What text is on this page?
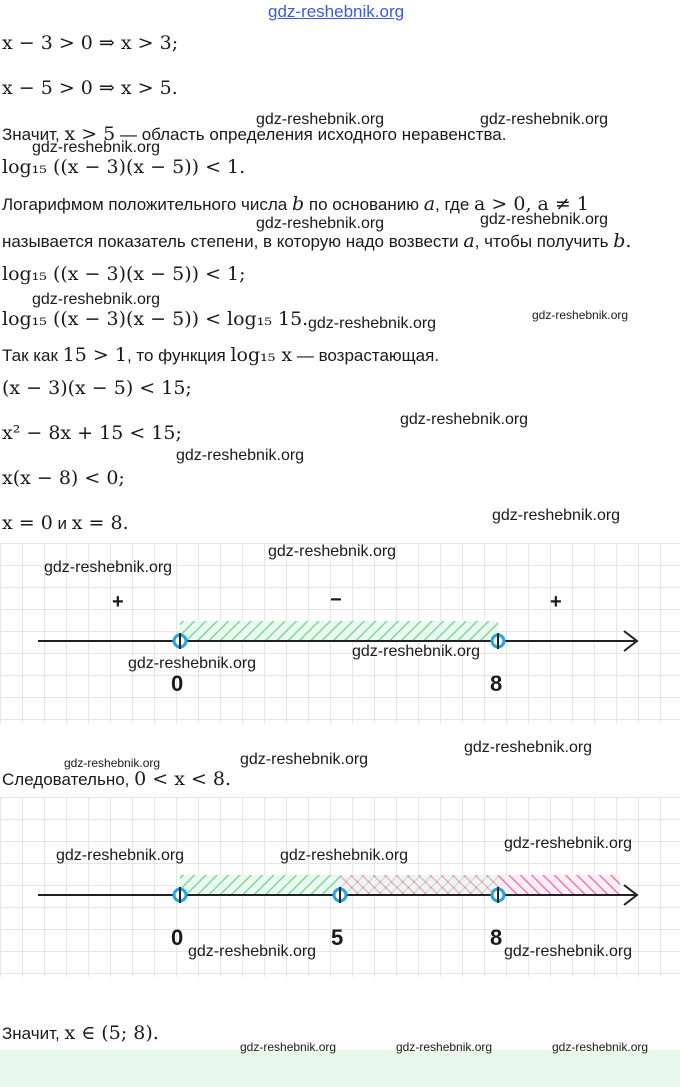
gdz-reshebnik.org
x − 3 > 0 ⇒ x > 3;
x − 5 > 0 ⇒ x > 5.
Значит, x > 5 — область определения исходного неравенства.
log₁₅ ((x − 3)(x − 5)) < 1.
Логарифмом положительного числа b по основанию a, где a > 0, a ≠ 1
называется показатель степени, в которую надо возвести a, чтобы получить b.
log₁₅ ((x − 3)(x − 5)) < 1;
log₁₅ ((x − 3)(x − 5)) < log₁₅ 15.
Так как 15 > 1, то функция log₁₅ x — возрастающая.
(x − 3)(x − 5) < 15;
x² − 8x + 15 < 15;
x(x − 8) < 0;
x = 0 и x = 8.
+	−	+
0	8
Следовательно, 0 < x < 8.
0	5	8
Значит, x ∈ (5; 8).
gdz-reshebnik.org	gdz-reshebnik.org
gdz-reshebnik.org
gdz-reshebnik.org	gdz-reshebnik.org
gdz-reshebnik.org
gdz-reshebnik.org	gdz-reshebnik.org
gdz-reshebnik.org
gdz-reshebnik.org
gdz-reshebnik.org
gdz-reshebnik.org
gdz-reshebnik.org
gdz-reshebnik.org
gdz-reshebnik.org
gdz-reshebnik.org
gdz-reshebnik.org
gdz-reshebnik.org
gdz-reshebnik.org
gdz-reshebnik.org	gdz-reshebnik.org
gdz-reshebnik.org	gdz-reshebnik.org
gdz-reshebnik.org	gdz-reshebnik.org	gdz-reshebnik.org
